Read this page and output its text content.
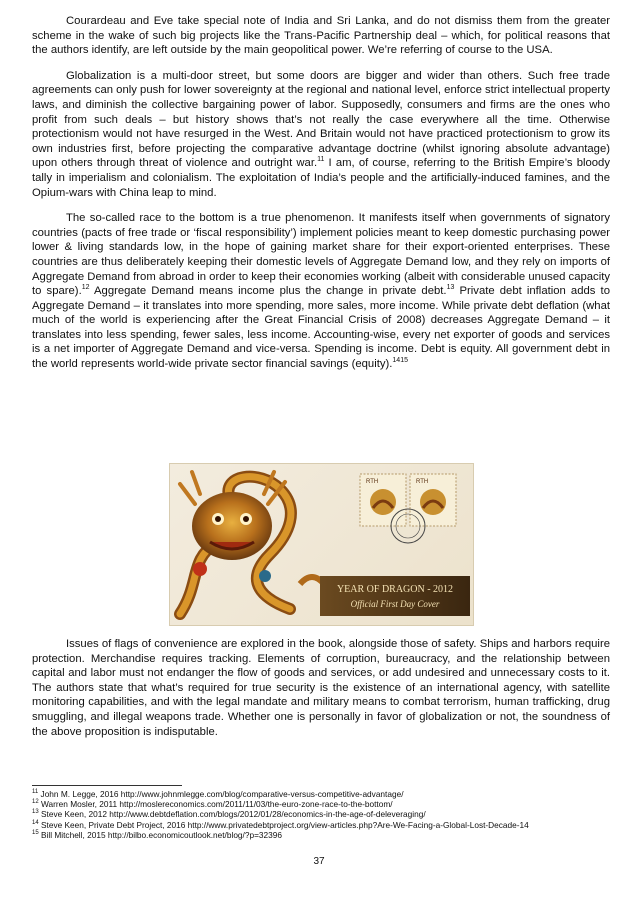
Courardeau and Eve take special note of India and Sri Lanka, and do not dismiss them from the greater scheme in the wake of such big projects like the Trans-Pacific Partnership deal – which, for political reasons that the authors identify, are left outside by the main geopolitical power. We’re referring of course to the USA.

Globalization is a multi-door street, but some doors are bigger and wider than others. Such free trade agreements can only push for lower sovereignty at the regional and national level, enforce strict intellectual property laws, and diminish the collective bargaining power of labor. Supposedly, consumers and firms are the ones who profit from such deals – but history shows that’s not really the case everywhere all the time. Otherwise protectionism would not have resurged in the West. And Britain would not have practiced protectionism to grow its own industries first, before projecting the comparative advantage doctrine (whilst ignoring absolute advantage) upon others through threat of violence and outright war.$^{11}$ I am, of course, referring to the British Empire’s bloody tally in imperialism and colonialism. The exploitation of India’s people and the artificially-induced famines, and the Opium-wars with China leap to mind.

The so-called race to the bottom is a true phenomenon. It manifests itself when governments of signatory countries (pacts of free trade or ‘fiscal responsibility’) implement policies meant to keep domestic purchasing power lower & living standards low, in the hope of gaining market share for their export-oriented enterprises. These countries are thus deliberately keeping their domestic levels of Aggregate Demand low, and they rely on imports of Aggregate Demand from abroad in order to keep their economies working (albeit with considerable unused capacity to spare).$^{12}$ Aggregate Demand means income plus the change in private debt.$^{13}$ Private debt inflation adds to Aggregate Demand – it translates into more spending, more sales, more income. While private debt deflation (what much of the world is experiencing after the Great Financial Crisis of 2008) decreases Aggregate Demand – it translates into less spending, fewer sales, less income. Accounting-wise, every net exporter of goods and services is a net importer of Aggregate Demand and vice-versa. Spending is income. Debt is equity. All government debt in the world represents world-wide private sector financial savings (equity).$^{1415}$

RTH	RTH
YEAR OF DRAGON - 2012
Official First Day Cover

Issues of flags of convenience are explored in the book, alongside those of safety. Ships and harbors require protection. Merchandise requires tracking. Elements of corruption, bureaucracy, and the relationship between capital and labor must not endanger the flow of goods and services, or add undesired and unnecessary costs to it. The authors state that what’s required for true security is the existence of an international agency, with satellite monitoring capabilities, and with the legal mandate and military means to combat terrorism, human trafficking, drug smuggling, and illegal weapons trade. Whether one is personally in favor of globalization or not, the soundness of the above proposition is indisputable.

$^{11}$ John M. Legge, 2016 http://www.johnmlegge.com/blog/comparative-versus-competitive-advantage/

$^{12}$ Warren Mosler, 2011 http://moslereconomics.com/2011/11/03/the-euro-zone-race-to-the-bottom/

$^{13}$ Steve Keen, 2012 http://www.debtdeflation.com/blogs/2012/01/28/economics-in-the-age-of-deleveraging/

$^{14}$ Steve Keen, Private Debt Project, 2016 http://www.privatedebtproject.org/view-articles.php?Are-We-Facing-a-Global-Lost-Decade-14

$^{15}$ Bill Mitchell, 2015 http://bilbo.economicoutlook.net/blog/?p=32396

37
